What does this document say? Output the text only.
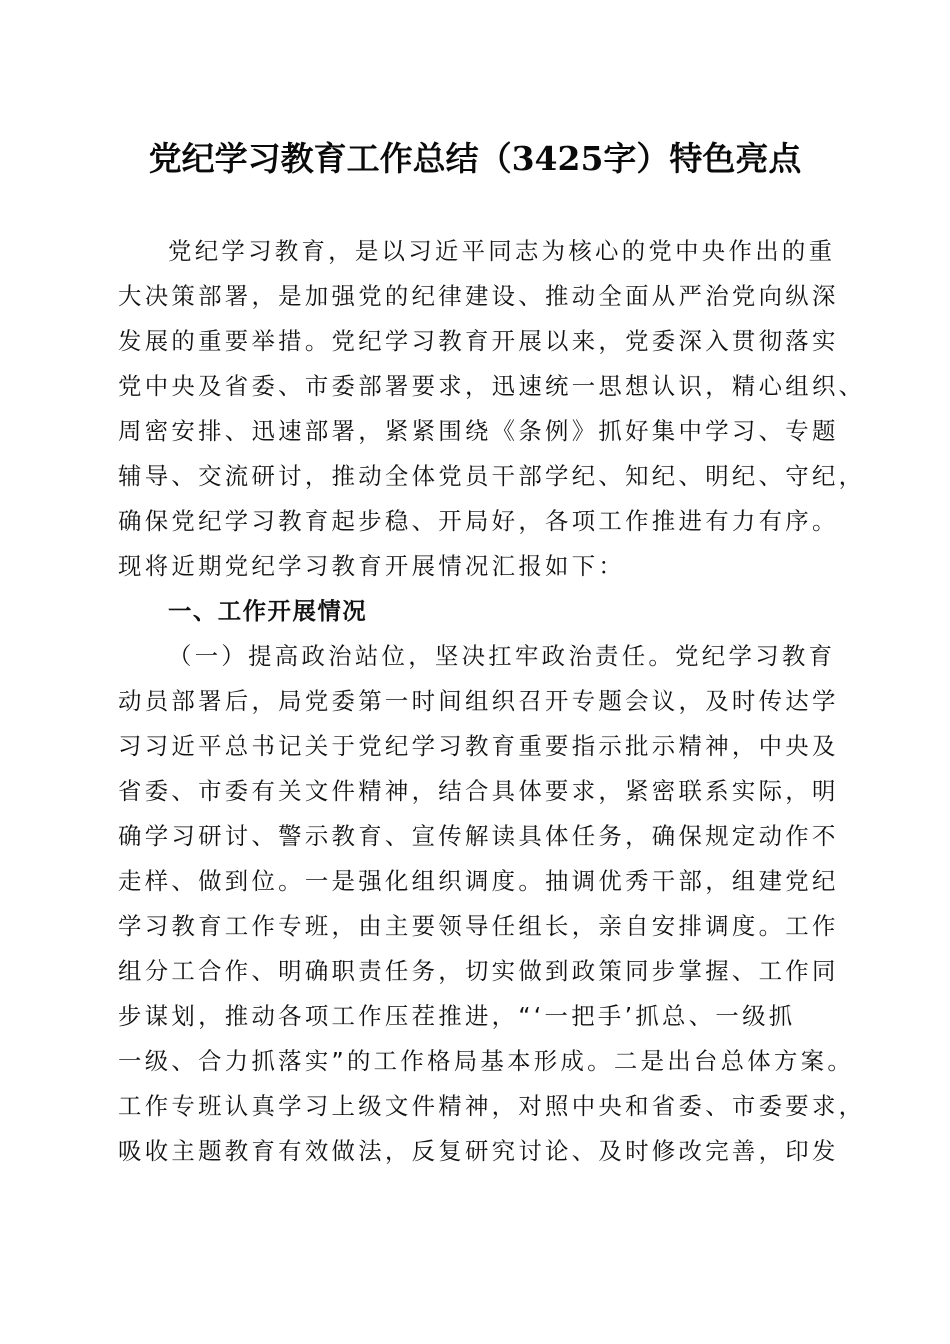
党纪学习教育工作总结（3425字）特色亮点
党纪学习教育，是以习近平同志为核心的党中央作出的重
大决策部署，是加强党的纪律建设、推动全面从严治党向纵深
发展的重要举措。党纪学习教育开展以来，党委深入贯彻落实
党中央及省委、市委部署要求，迅速统一思想认识，精心组织、
周密安排、迅速部署，紧紧围绕《条例》抓好集中学习、专题
辅导、交流研讨，推动全体党员干部学纪、知纪、明纪、守纪，
确保党纪学习教育起步稳、开局好，各项工作推进有力有序。
现将近期党纪学习教育开展情况汇报如下：
一、工作开展情况
（一）提高政治站位，坚决扛牢政治责任。党纪学习教育
动员部署后，局党委第一时间组织召开专题会议，及时传达学
习习近平总书记关于党纪学习教育重要指示批示精神，中央及
省委、市委有关文件精神，结合具体要求，紧密联系实际，明
确学习研讨、警示教育、宣传解读具体任务，确保规定动作不
走样、做到位。一是强化组织调度。抽调优秀干部，组建党纪
学习教育工作专班，由主要领导任组长，亲自安排调度。工作
组分工合作、明确职责任务，切实做到政策同步掌握、工作同
步谋划，推动各项工作压茬推进，“‘一把手’抓总、一级抓
一级、合力抓落实”的工作格局基本形成。二是出台总体方案。
工作专班认真学习上级文件精神，对照中央和省委、市委要求，
吸收主题教育有效做法，反复研究讨论、及时修改完善，印发
